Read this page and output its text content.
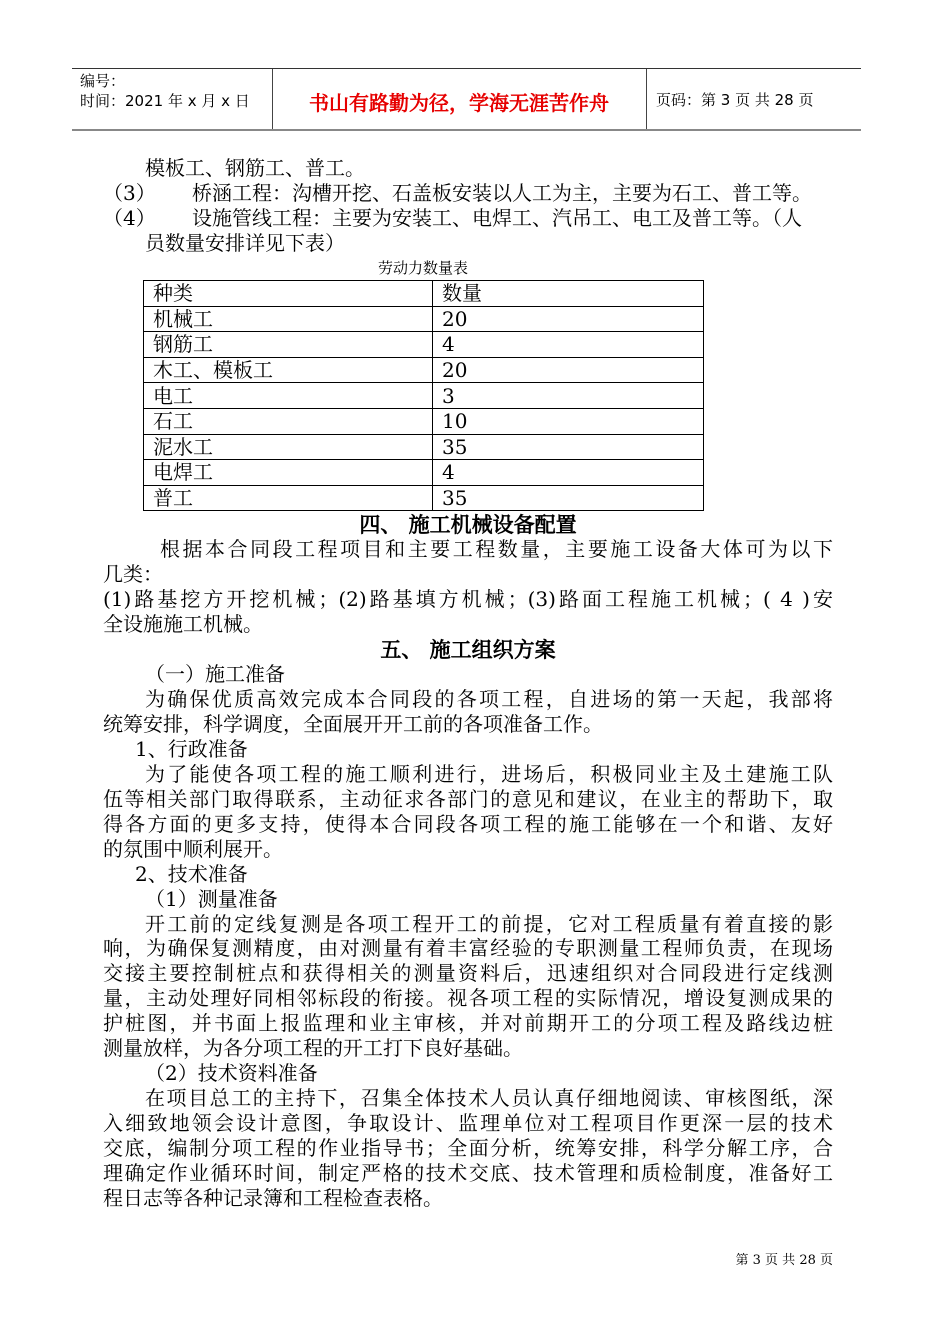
编号：
时间：2021 年 x 月 x 日	书山有路勤为径，学海无涯苦作舟	页码：第 3 页 共 28 页
模板工、钢筋工、普工。
（3） 桥涵工程：沟槽开挖、石盖板安装以人工为主，主要为石工、普工等。
（4） 设施管线工程：主要为安装工、电焊工、汽吊工、电工及普工等。（人
员数量安排详见下表）
劳动力数量表
种类	数量
机械工	20
钢筋工	4
木工、模板工	20
电工	3
石工	10
泥水工	35
电焊工	4
普工	35
四、 施工机械设备配置
根据本合同段工程项目和主要工程数量，主要施工设备大体可为以下
几类：
(1)路基挖方开挖机械；(2)路基填方机械；(3)路面工程施工机械；( 4 )安
全设施施工机械。
五、 施工组织方案
（一）施工准备
为确保优质高效完成本合同段的各项工程，自进场的第一天起，我部将
统筹安排，科学调度，全面展开开工前的各项准备工作。
1、行政准备
为了能使各项工程的施工顺利进行，进场后，积极同业主及土建施工队
伍等相关部门取得联系，主动征求各部门的意见和建议，在业主的帮助下，取
得各方面的更多支持，使得本合同段各项工程的施工能够在一个和谐、友好
的氛围中顺利展开。
2、技术准备
（1）测量准备
开工前的定线复测是各项工程开工的前提，它对工程质量有着直接的影
响，为确保复测精度，由对测量有着丰富经验的专职测量工程师负责，在现场
交接主要控制桩点和获得相关的测量资料后，迅速组织对合同段进行定线测
量，主动处理好同相邻标段的衔接。视各项工程的实际情况，增设复测成果的
护桩图，并书面上报监理和业主审核，并对前期开工的分项工程及路线边桩
测量放样，为各分项工程的开工打下良好基础。
（2）技术资料准备
在项目总工的主持下，召集全体技术人员认真仔细地阅读、审核图纸，深
入细致地领会设计意图，争取设计、监理单位对工程项目作更深一层的技术
交底，编制分项工程的作业指导书；全面分析，统筹安排，科学分解工序，合
理确定作业循环时间，制定严格的技术交底、技术管理和质检制度，准备好工
程日志等各种记录簿和工程检查表格。
第 3 页 共 28 页
